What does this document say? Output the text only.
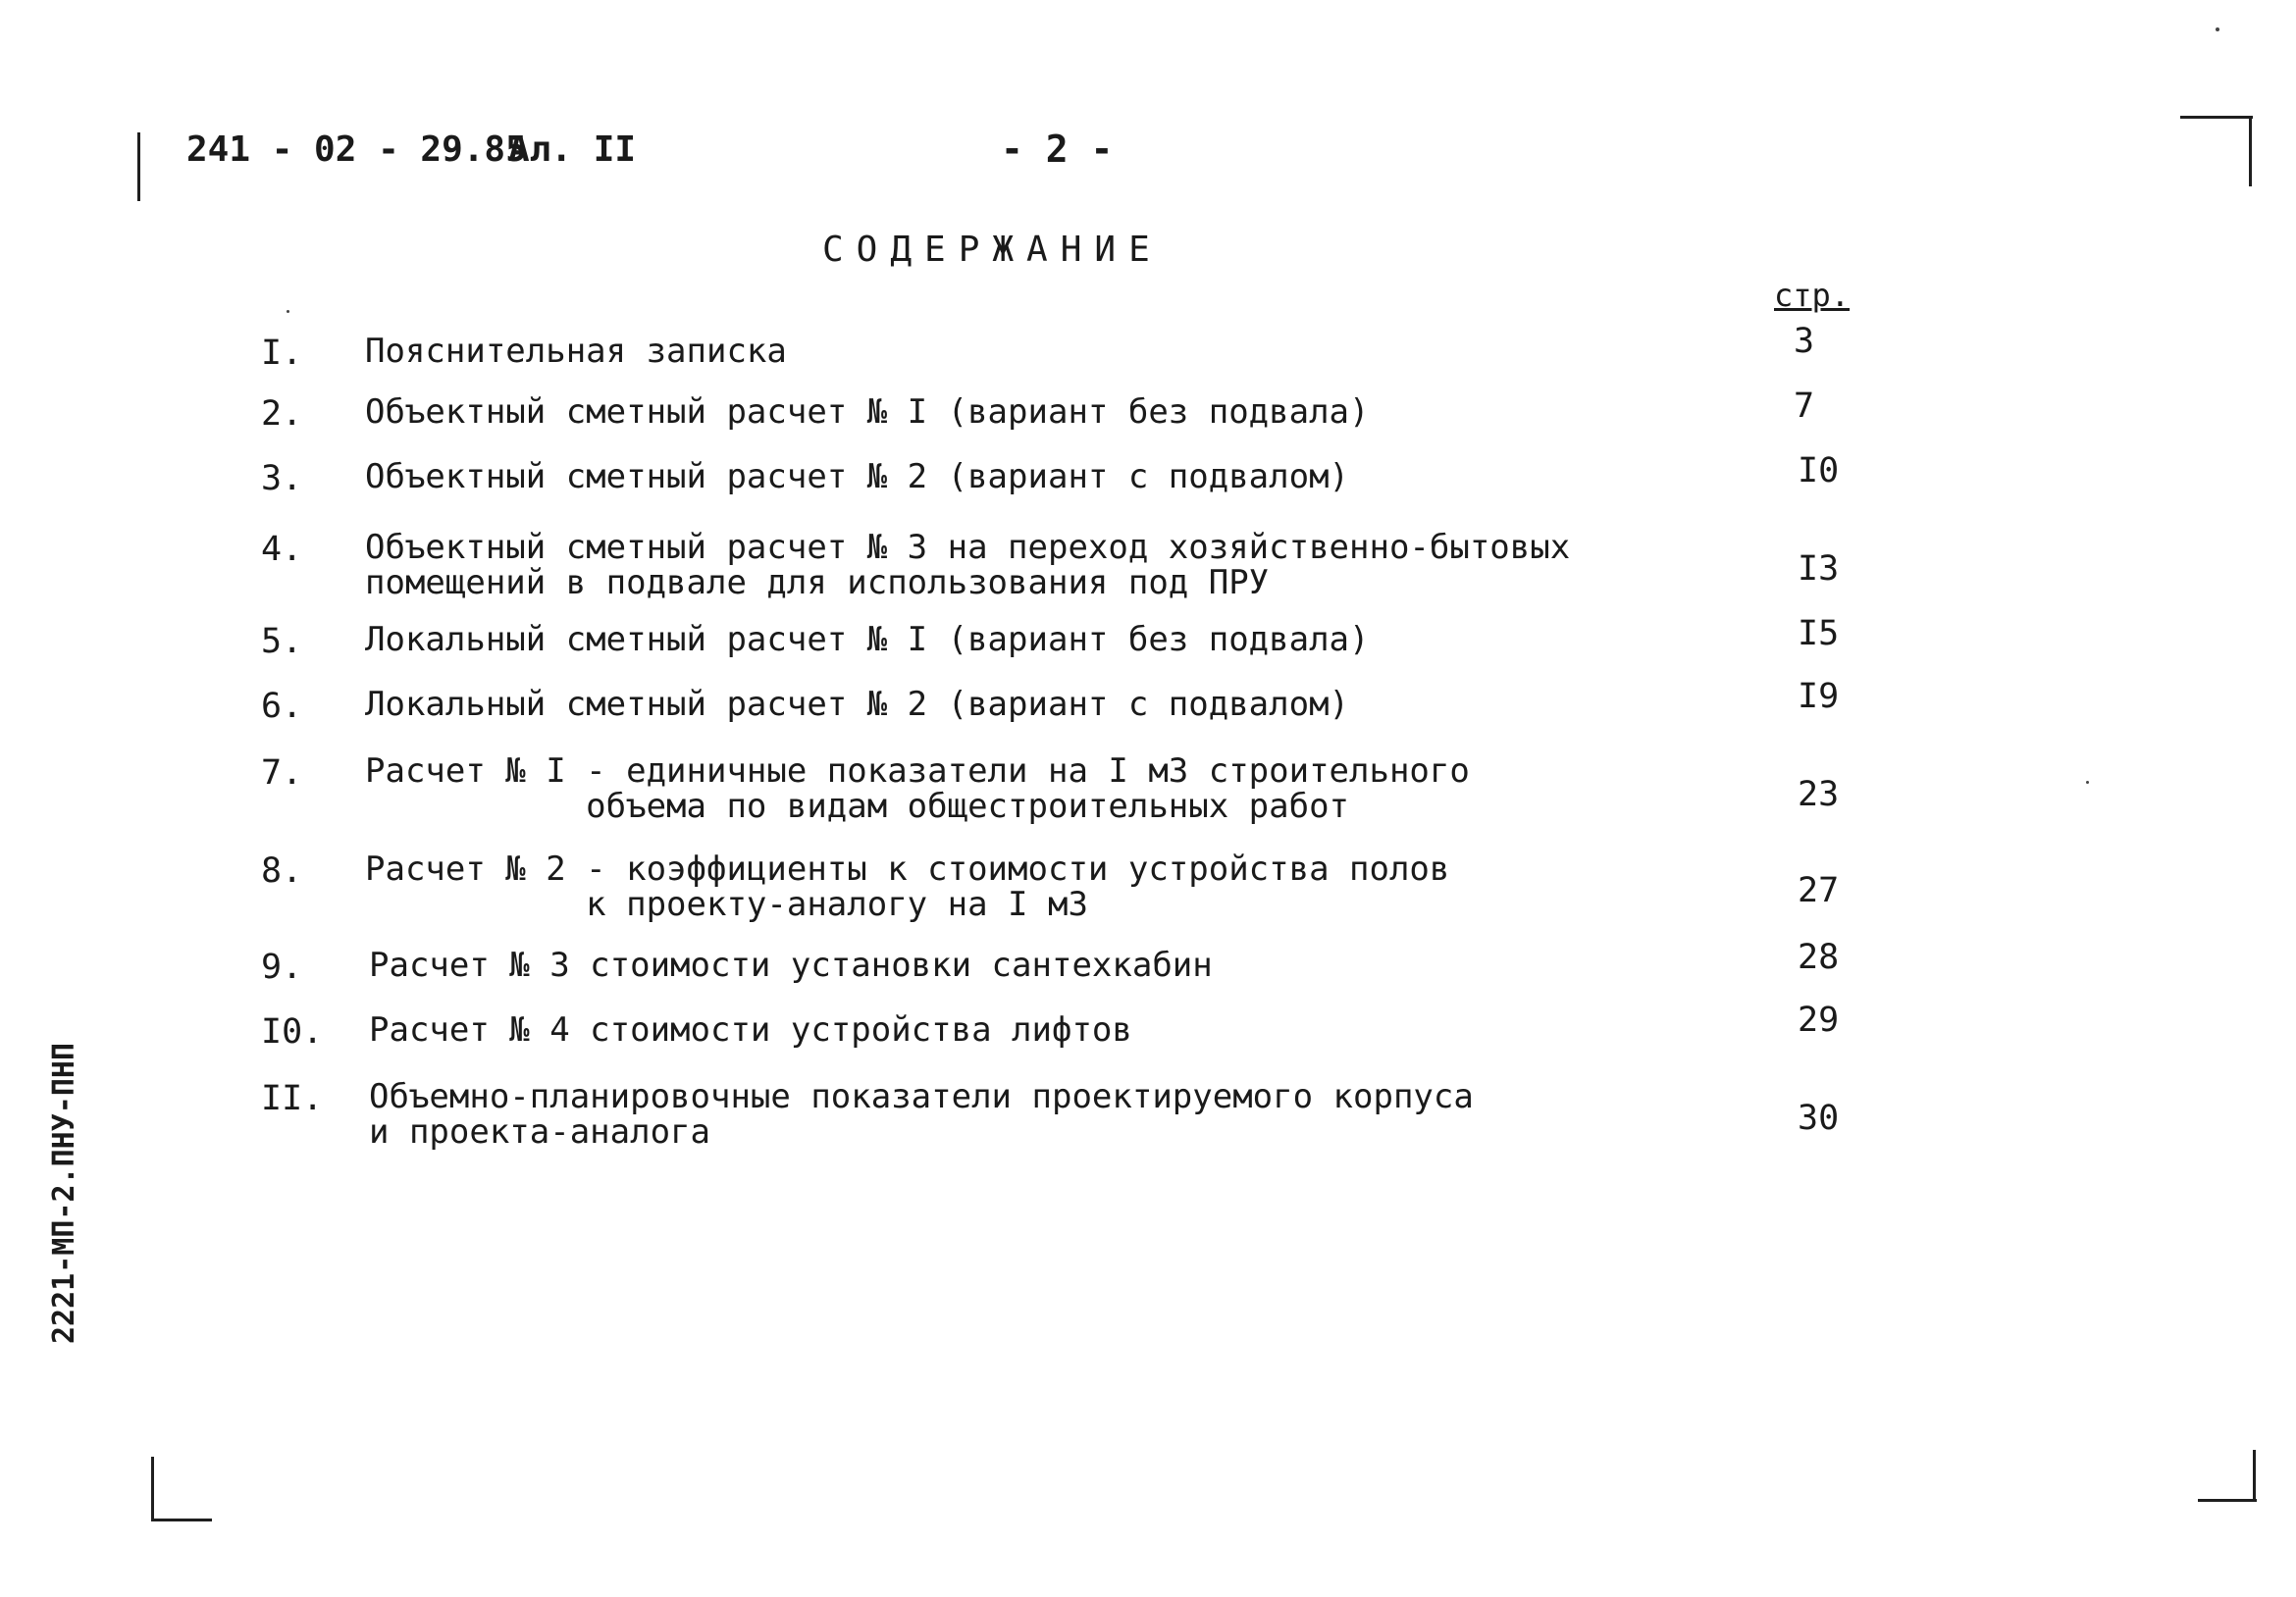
241 - 02 - 29.85
Ал. II	- 2 -
СОДЕРЖАНИЕ
стр.
I. Пояснительная записка	3
2. Объектный сметный расчет № I (вариант без подвала)	7
3. Объектный сметный расчет № 2 (вариант с подвалом)	I0
4. Объектный сметный расчет № 3 на переход хозяйственно-бытовых
помещений в подвале для использования под ПРУ	I3
5. Локальный сметный расчет № I (вариант без подвала)	I5
6. Локальный сметный расчет № 2 (вариант с подвалом)	I9
7. Расчет № I - единичные показатели на I м3 строительного
объема по видам общестроительных работ	23
8. Расчет № 2 - коэффициенты к стоимости устройства полов
к проекту-аналогу на I м3	27
9. Расчет № 3 стоимости установки сантехкабин	28
I0. Расчет № 4 стоимости устройства лифтов	29
II. Объемно-планировочные показатели проектируемого корпуса
и проекта-аналога	30
2221-МП-2.ПНУ-ПНП
